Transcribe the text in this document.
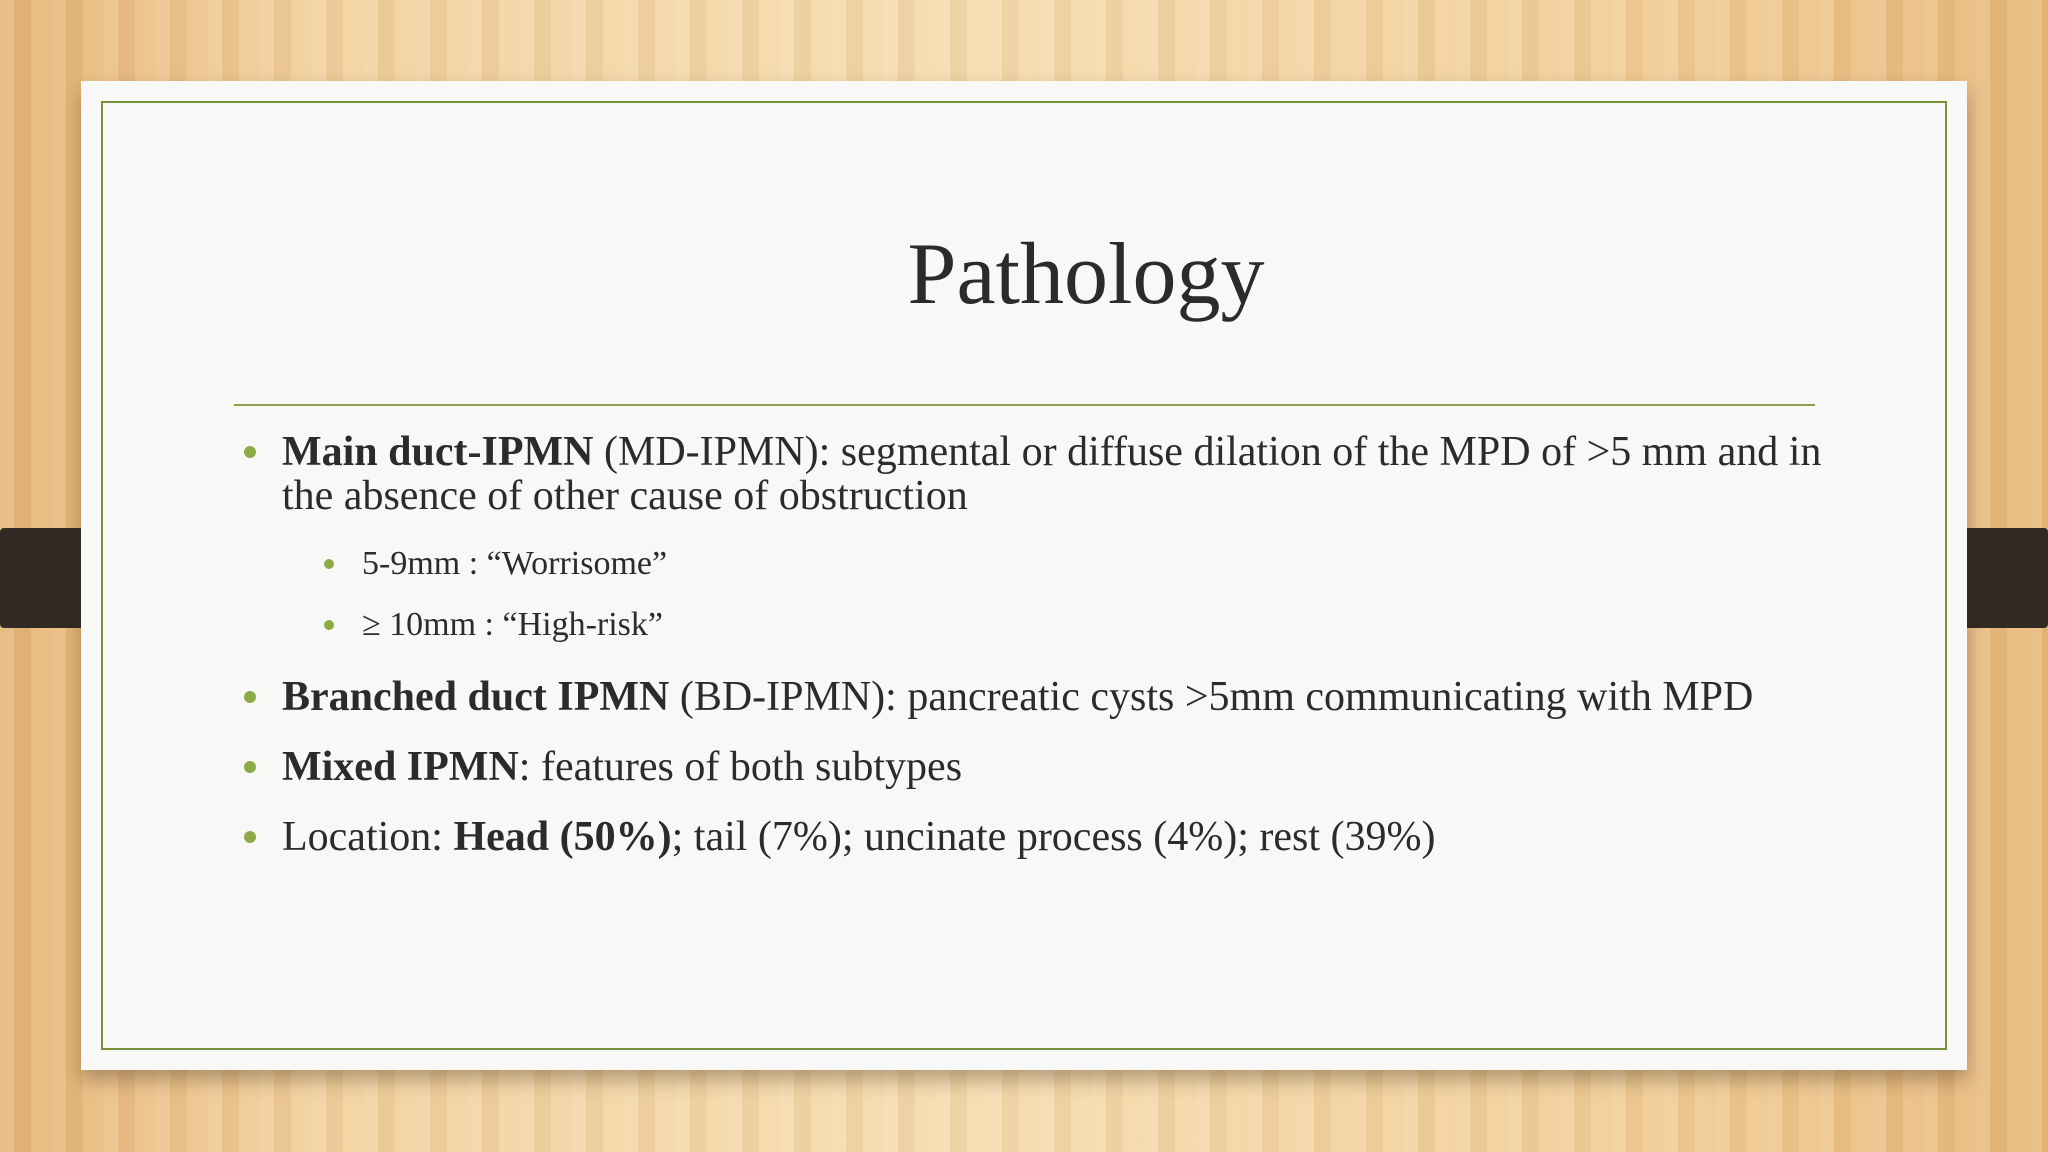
Pathology
Main duct-IPMN (MD-IPMN): segmental or diffuse dilation of the MPD of >5 mm and in the absence of other cause of obstruction
5-9mm : “Worrisome”
≥ 10mm : “High-risk”
Branched duct IPMN (BD-IPMN): pancreatic cysts >5mm communicating with MPD
Mixed IPMN: features of both subtypes
Location: Head (50%); tail (7%); uncinate process (4%); rest (39%)
